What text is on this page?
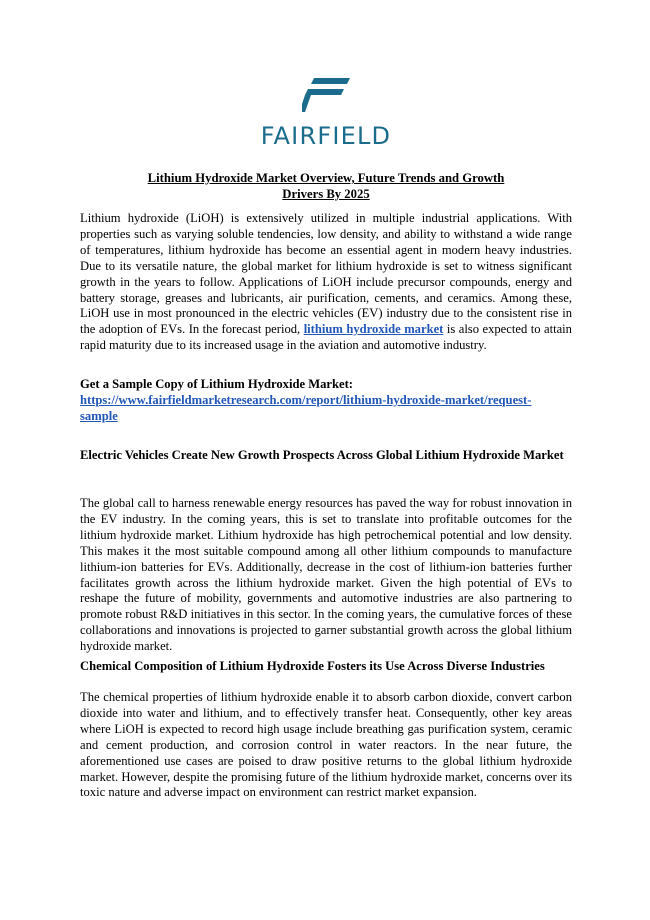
FAIRFIELD
Lithium Hydroxide Market Overview, Future Trends and Growth
Drivers By 2025

Lithium hydroxide (LiOH) is extensively utilized in multiple industrial applications. With properties such as varying soluble tendencies, low density, and ability to withstand a wide range of temperatures, lithium hydroxide has become an essential agent in modern heavy industries. Due to its versatile nature, the global market for lithium hydroxide is set to witness significant growth in the years to follow. Applications of LiOH include precursor compounds, energy and battery storage, greases and lubricants, air purification, cements, and ceramics. Among these, LiOH use in most pronounced in the electric vehicles (EV) industry due to the consistent rise in the adoption of EVs. In the forecast period, lithium hydroxide market is also expected to attain rapid maturity due to its increased usage in the aviation and automotive industry.

Get a Sample Copy of Lithium Hydroxide Market:
https://www.fairfieldmarketresearch.com/report/lithium-hydroxide-market/request-
sample

Electric Vehicles Create New Growth Prospects Across Global Lithium Hydroxide Market

The global call to harness renewable energy resources has paved the way for robust innovation in the EV industry. In the coming years, this is set to translate into profitable outcomes for the lithium hydroxide market. Lithium hydroxide has high petrochemical potential and low density. This makes it the most suitable compound among all other lithium compounds to manufacture lithium-ion batteries for EVs. Additionally, decrease in the cost of lithium-ion batteries further facilitates growth across the lithium hydroxide market. Given the high potential of EVs to reshape the future of mobility, governments and automotive industries are also partnering to promote robust R&D initiatives in this sector. In the coming years, the cumulative forces of these collaborations and innovations is projected to garner substantial growth across the global lithium hydroxide market.

Chemical Composition of Lithium Hydroxide Fosters its Use Across Diverse Industries

The chemical properties of lithium hydroxide enable it to absorb carbon dioxide, convert carbon dioxide into water and lithium, and to effectively transfer heat. Consequently, other key areas where LiOH is expected to record high usage include breathing gas purification system, ceramic and cement production, and corrosion control in water reactors. In the near future, the aforementioned use cases are poised to draw positive returns to the global lithium hydroxide market. However, despite the promising future of the lithium hydroxide market, concerns over its toxic nature and adverse impact on environment can restrict market expansion.
